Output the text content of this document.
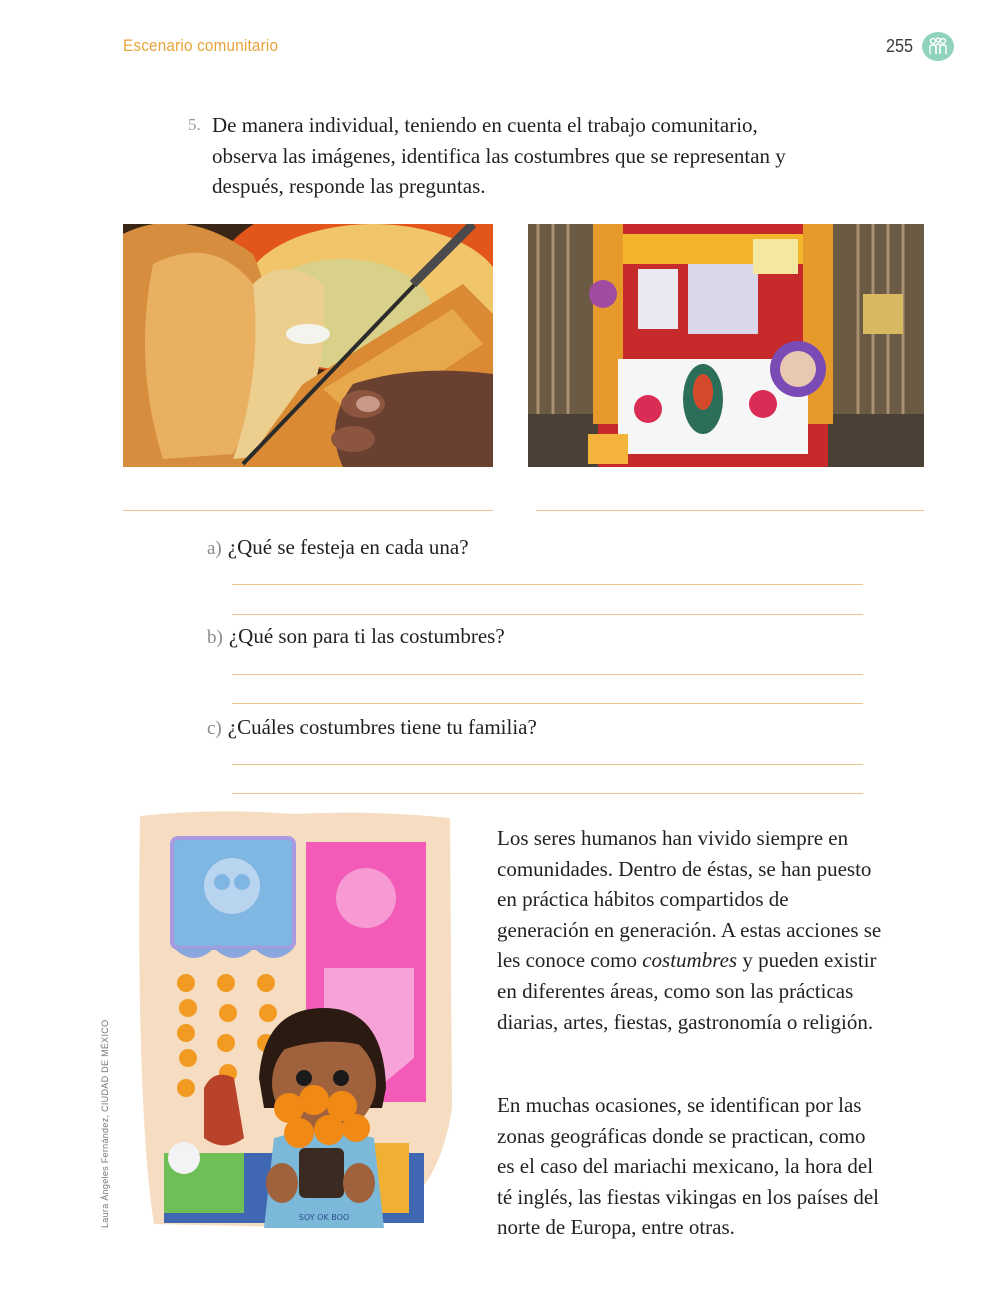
Escenario comunitario	255
5. De manera individual, teniendo en cuenta el trabajo comunitario, observa las imágenes, identifica las costumbres que se representan y después, responde las preguntas.
a) ¿Qué se festeja en cada una?
b) ¿Qué son para ti las costumbres?
c) ¿Cuáles costumbres tiene tu familia?
SOY OK BOO
Laura Ángeles Fernández, CIUDAD DE MÉXICO
Los seres humanos han vivido siempre en comunidades. Dentro de éstas, se han puesto en práctica hábitos compartidos de generación en generación. A estas acciones se les conoce como costumbres y pueden existir en diferentes áreas, como son las prácticas diarias, artes, fiestas, gastronomía o religión.
En muchas ocasiones, se identifican por las zonas geográficas donde se practican, como es el caso del mariachi mexicano, la hora del té inglés, las fiestas vikingas en los países del norte de Europa, entre otras.
